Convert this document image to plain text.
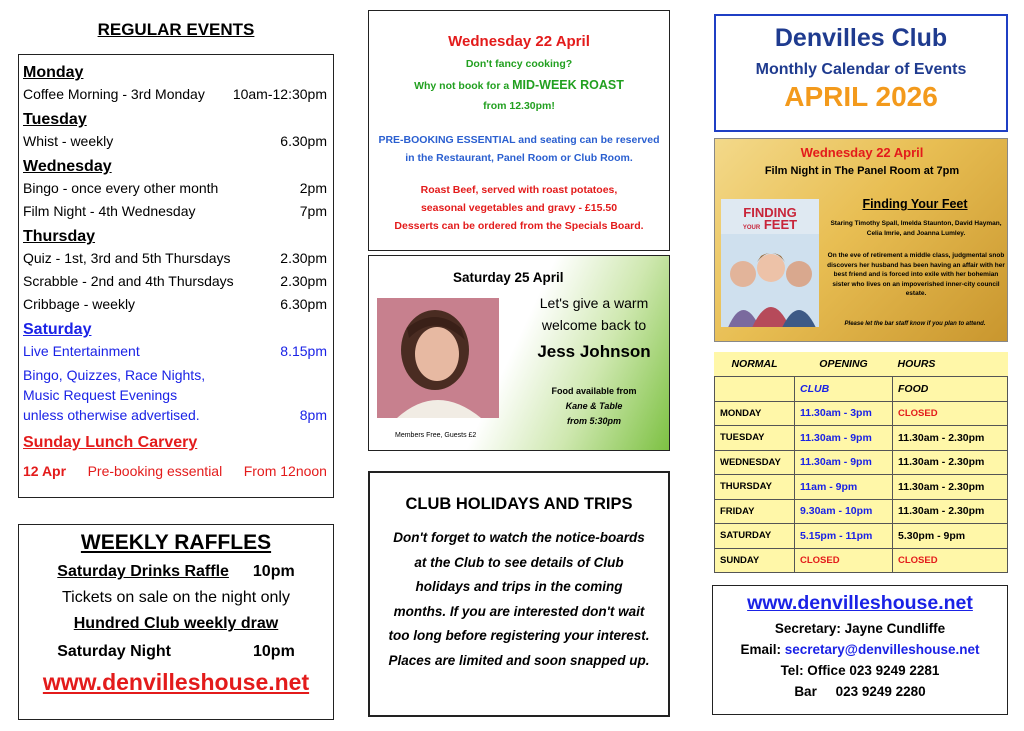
REGULAR EVENTS
Monday
Coffee Morning - 3rd Monday 10am-12:30pm
Tuesday
Whist - weekly	6.30pm
Wednesday
Bingo - once every other month	2pm
Film Night - 4th Wednesday	7pm
Thursday
Quiz - 1st, 3rd and 5th Thursdays	2.30pm
Scrabble - 2nd and 4th Thursdays	2.30pm
Cribbage - weekly	6.30pm
Saturday
Live Entertainment	8.15pm
Bingo, Quizzes, Race Nights,
Music Request Evenings
unless otherwise advertised.	8pm
Sunday Lunch Carvery
12 Apr Pre-booking essential From 12noon
WEEKLY RAFFLES
Saturday Drinks Raffle 10pm
Tickets on sale on the night only
Hundred Club weekly draw
Saturday Night	10pm
www.denvilleshouse.net
Wednesday 22 April
Don't fancy cooking?
Why not book for a MID-WEEK ROAST
from 12.30pm!
PRE-BOOKING ESSENTIAL and seating can be reserved
in the Restaurant, Panel Room or Club Room.
Roast Beef, served with roast potatoes,
seasonal vegetables and gravy - £15.50
Desserts can be ordered from the Specials Board.
Saturday 25 April
Let's give a warm
welcome back to
Jess Johnson
Food available from
Kane & Table
from 5:30pm
Members Free, Guests £2
CLUB HOLIDAYS AND TRIPS
Don't forget to watch the notice-boards at the Club to see details of Club holidays and trips in the coming months. If you are interested don't wait too long before registering your interest. Places are limited and soon snapped up.
Denvilles Club
Monthly Calendar of Events
APRIL 2026
Wednesday 22 April
Film Night in The Panel Room at 7pm
FINDING
YOUR FEET
Finding Your Feet
Staring Timothy Spall, Imelda Staunton, David Hayman, Celia Imrie, and Joanna Lumley.
On the eve of retirement a middle class, judgmental snob discovers her husband has been having an affair with her best friend and is forced into exile with her bohemian sister who lives on an impoverished inner-city council estate.
Please let the bar staff know if you plan to attend.
NORMAL	OPENING	HOURS
	CLUB	FOOD
MONDAY	11.30am - 3pm	CLOSED
TUESDAY	11.30am - 9pm	11.30am - 2.30pm
WEDNESDAY	11.30am - 9pm	11.30am - 2.30pm
THURSDAY	11am - 9pm	11.30am - 2.30pm
FRIDAY	9.30am - 10pm	11.30am - 2.30pm
SATURDAY	5.15pm - 11pm	5.30pm - 9pm
SUNDAY	CLOSED	CLOSED
www.denvilleshouse.net
Secretary: Jayne Cundliffe
Email: secretary@denvilleshouse.net
Tel: Office 023 9249 2281
Bar     023 9249 2280
